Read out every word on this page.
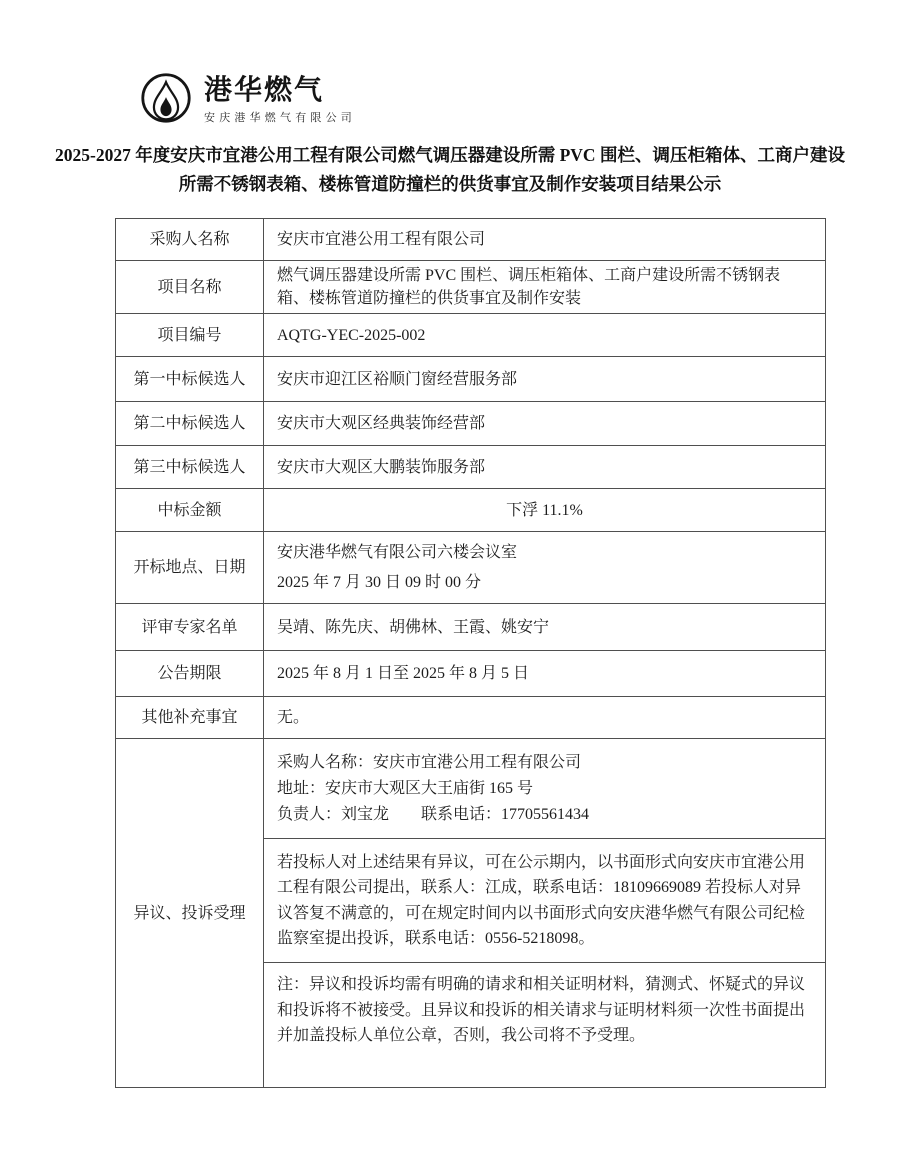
港华燃气
安庆港华燃气有限公司
2025-2027 年度安庆市宜港公用工程有限公司燃气调压器建设所需 PVC 围栏、调压柜箱体、工商户建设所需不锈钢表箱、楼栋管道防撞栏的供货事宜及制作安装项目结果公示
采购人名称	安庆市宜港公用工程有限公司
项目名称	燃气调压器建设所需 PVC 围栏、调压柜箱体、工商户建设所需不锈钢表箱、楼栋管道防撞栏的供货事宜及制作安装
项目编号	AQTG-YEC-2025-002
第一中标候选人	安庆市迎江区裕顺门窗经营服务部
第二中标候选人	安庆市大观区经典装饰经营部
第三中标候选人	安庆市大观区大鹏装饰服务部
中标金额	下浮 11.1%
开标地点、日期	安庆港华燃气有限公司六楼会议室

2025 年 7 月 30 日 09 时 00 分

评审专家名单	吴靖、陈先庆、胡佛林、王霞、姚安宁
公告期限	2025 年 8 月 1 日至 2025 年 8 月 5 日
其他补充事宜	无。
异议、投诉受理	采购人名称：安庆市宜港公用工程有限公司

地址：安庆市大观区大王庙街 165 号

负责人：刘宝龙　　联系电话：17705561434

	若投标人对上述结果有异议，可在公示期内，以书面形式向安庆市宜港公用工程有限公司提出，联系人：江成，联系电话：18109669089 若投标人对异议答复不满意的，可在规定时间内以书面形式向安庆港华燃气有限公司纪检监察室提出投诉，联系电话：0556-5218098。
	注：异议和投诉均需有明确的请求和相关证明材料，猜测式、怀疑式的异议和投诉将不被接受。且异议和投诉的相关请求与证明材料须一次性书面提出并加盖投标人单位公章，否则，我公司将不予受理。
